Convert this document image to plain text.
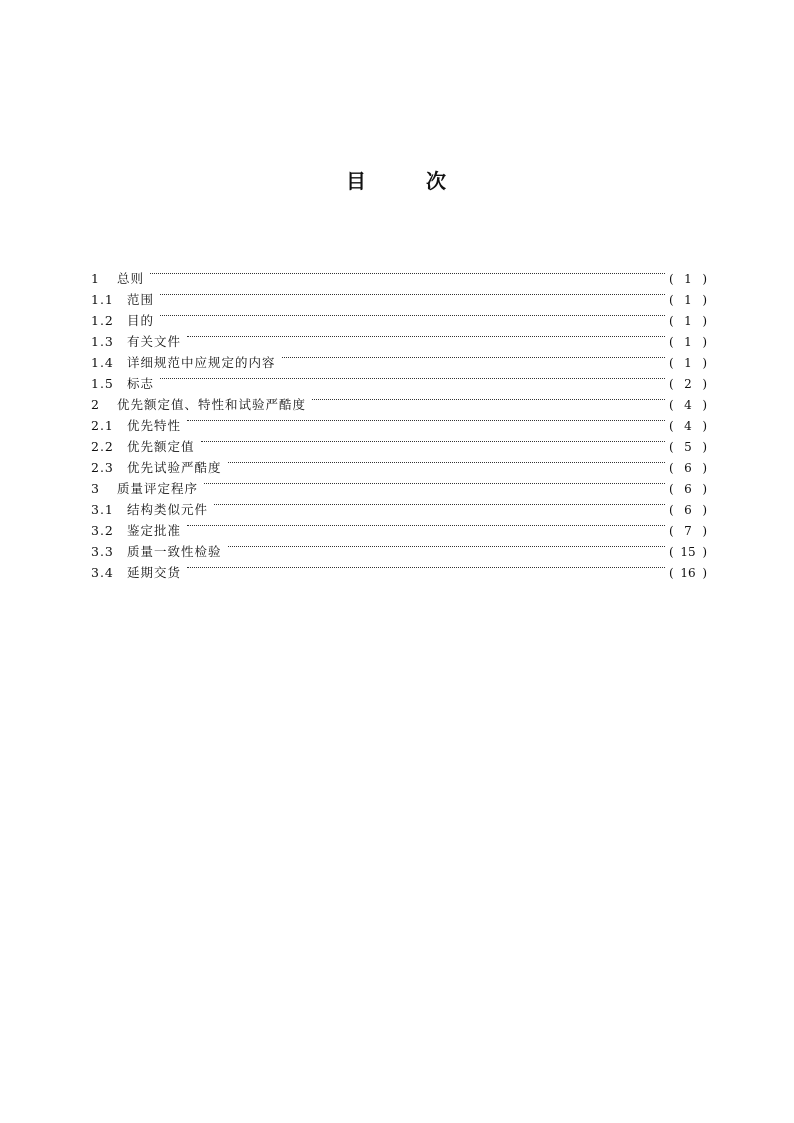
目	次
1	总则	( 1 )
1.1	范围	( 1 )
1.2	目的	( 1 )
1.3	有关文件	( 1 )
1.4	详细规范中应规定的内容	( 1 )
1.5	标志	( 2 )
2	优先额定值、特性和试验严酷度	( 4 )
2.1	优先特性	( 4 )
2.2	优先额定值	( 5 )
2.3	优先试验严酷度	( 6 )
3	质量评定程序	( 6 )
3.1	结构类似元件	( 6 )
3.2	鉴定批准	( 7 )
3.3	质量一致性检验	( 15 )
3.4	延期交货	( 16 )
